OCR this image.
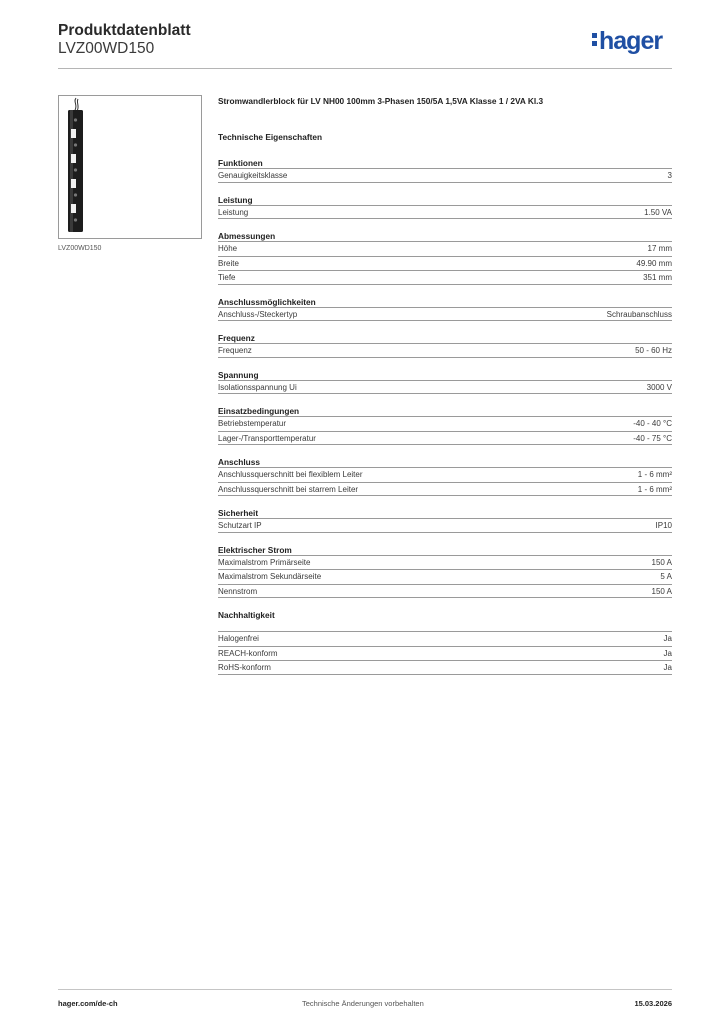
Produktdatenblatt
LVZ00WD150	hager
LVZ00WD150
Stromwandlerblock für LV NH00 100mm 3-Phasen 150/5A 1,5VA Klasse 1 / 2VA Kl.3
Technische Eigenschaften
Funktionen
Genauigkeitsklasse	3
Leistung
Leistung	1.50 VA
Abmessungen
Höhe	17 mm
Breite	49.90 mm
Tiefe	351 mm
Anschlussmöglichkeiten
Anschluss-/Steckertyp	Schraubanschluss
Frequenz
Frequenz	50 - 60 Hz
Spannung
Isolationsspannung Ui	3000 V
Einsatzbedingungen
Betriebstemperatur	-40 - 40 °C
Lager-/Transporttemperatur	-40 - 75 °C
Anschluss
Anschlussquerschnitt bei flexiblem Leiter	1 - 6 mm²
Anschlussquerschnitt bei starrem Leiter	1 - 6 mm²
Sicherheit
Schutzart IP	IP10
Elektrischer Strom
Maximalstrom Primärseite	150 A
Maximalstrom Sekundärseite	5 A
Nennstrom	150 A
Nachhaltigkeit
Halogenfrei	Ja
REACH-konform	Ja
RoHS-konform	Ja
hager.com/de-ch	Technische Änderungen vorbehalten	15.03.2026
